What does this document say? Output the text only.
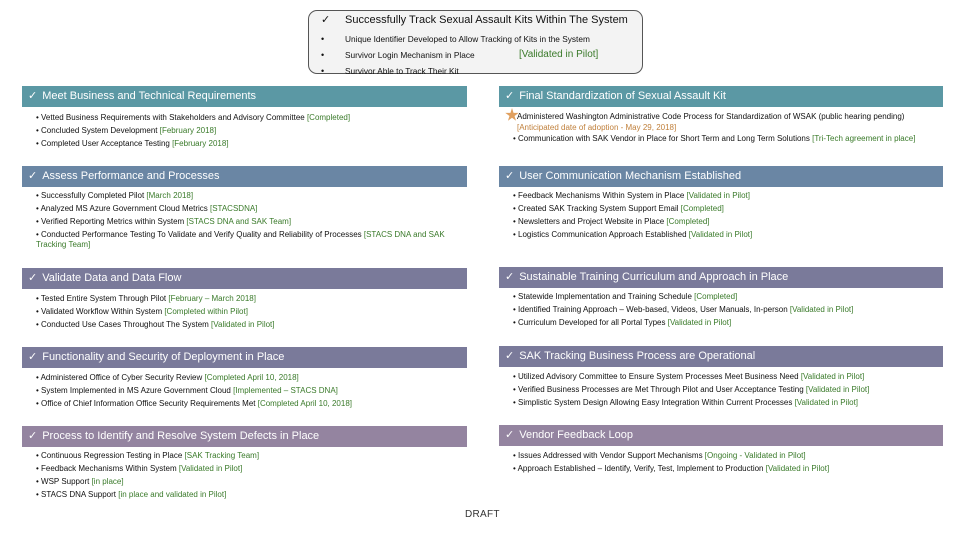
✓ Successfully Track Sexual Assault Kits Within The System
•	Unique Identifier Developed to Allow Tracking of Kits in the System
•	Survivor Login Mechanism in Place
•	Survivor Able to Track Their Kit
[Validated in Pilot]
✓ Meet Business and Technical Requirements
• Vetted Business Requirements with Stakeholders and Advisory Committee [Completed]
• Concluded System Development [February 2018]
• Completed User Acceptance Testing [February 2018]
✓ Assess Performance and Processes
• Successfully Completed Pilot [March 2018]
• Analyzed MS Azure Government Cloud Metrics [STACSDNA]
• Verified Reporting Metrics within System [STACS DNA and SAK Team]
• Conducted Performance Testing To Validate and Verify Quality and Reliability of Processes [STACS DNA and SAK Tracking Team]
✓ Validate Data and Data Flow
• Tested Entire System Through Pilot [February – March 2018]
• Validated Workflow Within System [Completed within Pilot]
• Conducted Use Cases Throughout The System [Validated in Pilot]
✓ Functionality and Security of Deployment in Place
• Administered Office of Cyber Security Review [Completed April 10, 2018]
• System Implemented in MS Azure Government Cloud [Implemented – STACS DNA]
• Office of Chief Information Office Security Requirements Met [Completed April 10, 2018]
✓ Process to Identify and Resolve System Defects in Place
• Continuous Regression Testing in Place [SAK Tracking Team]
• Feedback Mechanisms Within System [Validated in Pilot]
• WSP Support [in place]
• STACS DNA Support [in place and validated in Pilot]
✓ Final Standardization of Sexual Assault Kit
Administered Washington Administrative Code Process for Standardization of WSAK (public hearing pending) [Anticipated date of adoption - May 29, 2018]
• Communication with SAK Vendor in Place for Short Term and Long Term Solutions [Tri-Tech agreement in place]
✓ User Communication Mechanism Established
• Feedback Mechanisms Within System in Place [Validated in Pilot]
• Created SAK Tracking System Support Email [Completed]
• Newsletters and Project Website in Place [Completed]
• Logistics Communication Approach Established [Validated in Pilot]
✓ Sustainable Training Curriculum and Approach in Place
• Statewide Implementation and Training Schedule [Completed]
• Identified Training Approach – Web-based, Videos, User Manuals, In-person [Validated in Pilot]
• Curriculum Developed for all Portal Types [Validated in Pilot]
✓ SAK Tracking Business Process are Operational
• Utilized Advisory Committee to Ensure System Processes Meet Business Need [Validated in Pilot]
• Verified Business Processes are Met Through Pilot and User Acceptance Testing [Validated in Pilot]
• Simplistic System Design Allowing Easy Integration Within Current Processes [Validated in Pilot]
✓ Vendor Feedback Loop
• Issues Addressed with Vendor Support Mechanisms [Ongoing - Validated in Pilot]
• Approach Established – Identify, Verify, Test, Implement to Production [Validated in Pilot]
DRAFT
